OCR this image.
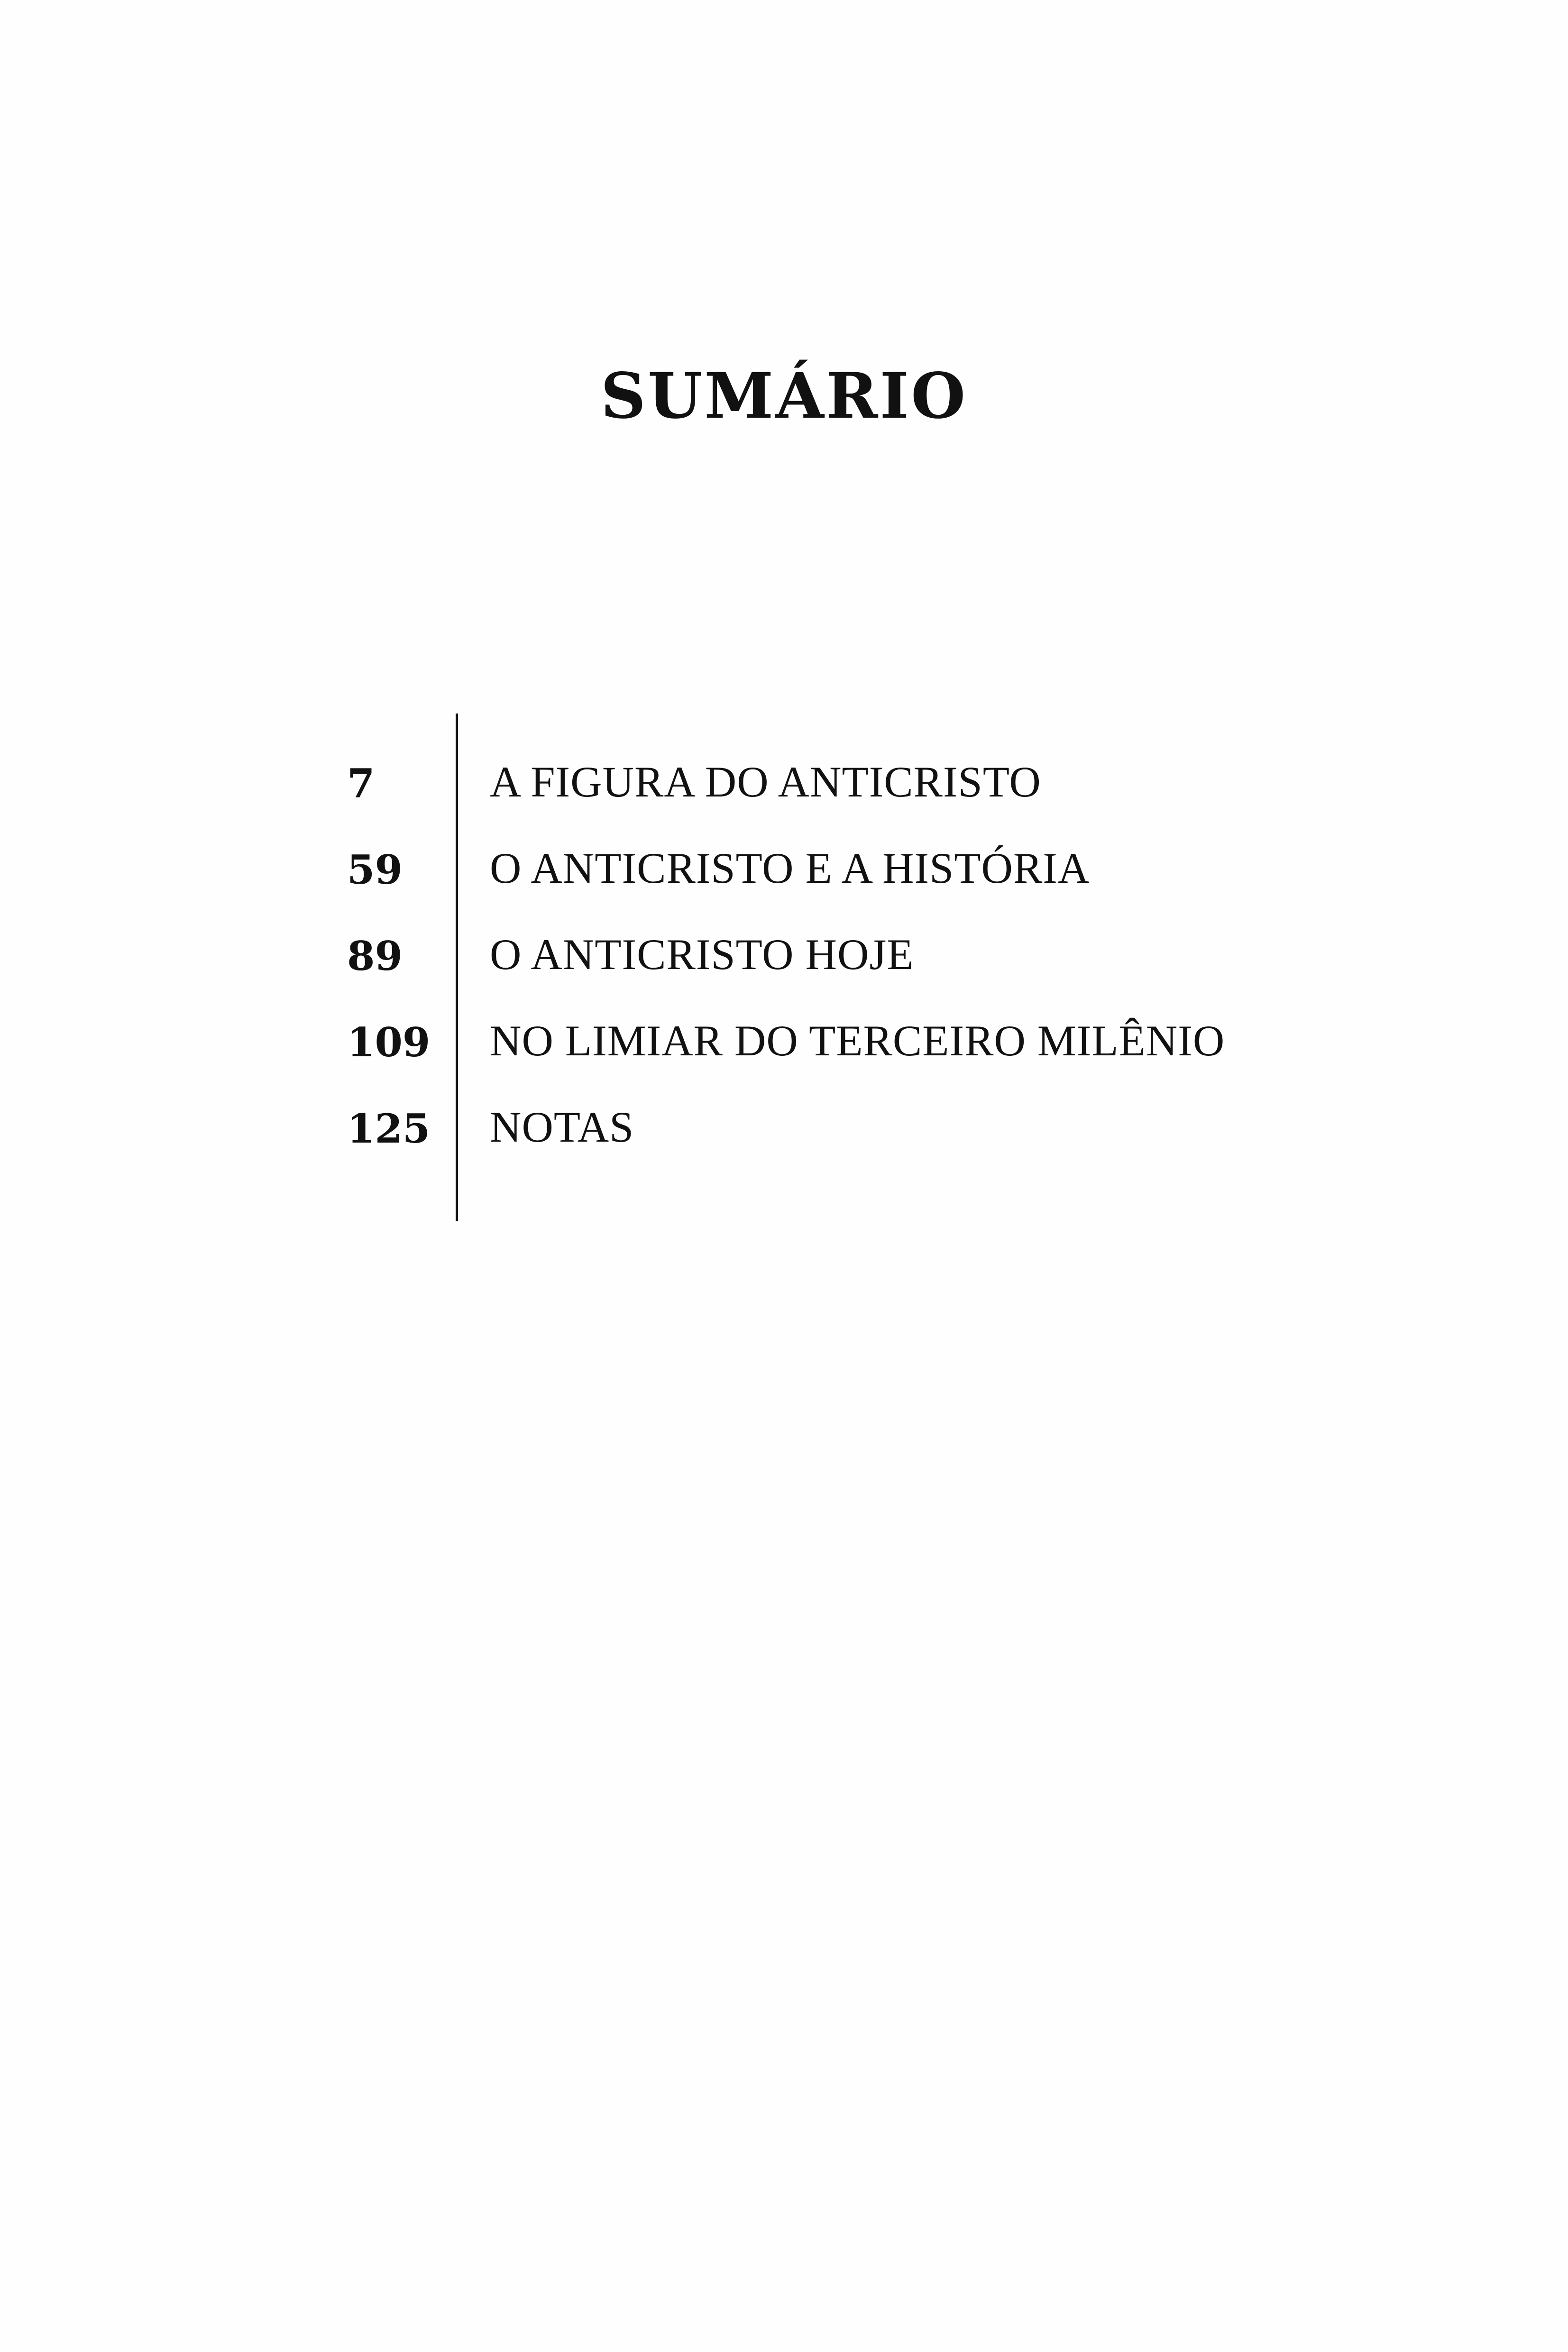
SUMÁRIO
7	A FIGURA DO ANTICRISTO
59 O ANTICRISTO E A HISTÓRIA
89 O ANTICRISTO HOJE
109 NO LIMIAR DO TERCEIRO MILÊNIO
125 NOTAS
